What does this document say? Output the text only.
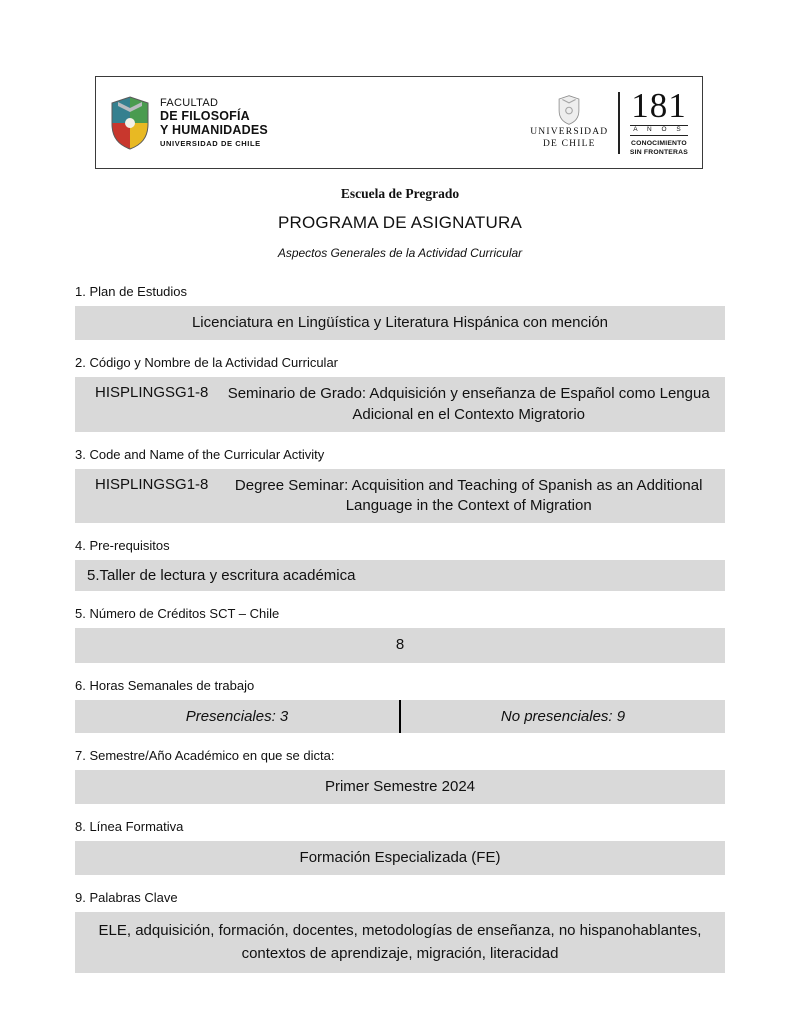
FACULTAD
DE FILOSOFÍA
Y HUMANIDADES
UNIVERSIDAD DE CHILE
UNIVERSIDAD
DE CHILE
181
A Ñ O S
CONOCIMIENTO
SIN FRONTERAS
Escuela de Pregrado
PROGRAMA DE ASIGNATURA
Aspectos Generales de la Actividad Curricular
1. Plan de Estudios
Licenciatura en Lingüística y Literatura Hispánica con mención
2. Código y Nombre de la Actividad Curricular
HISPLINGSG1-8	Seminario de Grado: Adquisición y enseñanza de Español como Lengua Adicional en el Contexto Migratorio
3. Code and Name of the Curricular Activity
HISPLINGSG1-8	Degree Seminar: Acquisition and Teaching of Spanish as an Additional Language in the Context of Migration
4. Pre-requisitos
5.Taller de lectura y escritura académica
5. Número de Créditos SCT – Chile
8
6. Horas Semanales de trabajo
Presenciales: 3	No presenciales: 9
7. Semestre/Año Académico en que se dicta:
Primer Semestre 2024
8. Línea Formativa
Formación Especializada (FE)
9. Palabras Clave
ELE, adquisición, formación, docentes, metodologías de enseñanza, no hispanohablantes, contextos de aprendizaje, migración, literacidad
